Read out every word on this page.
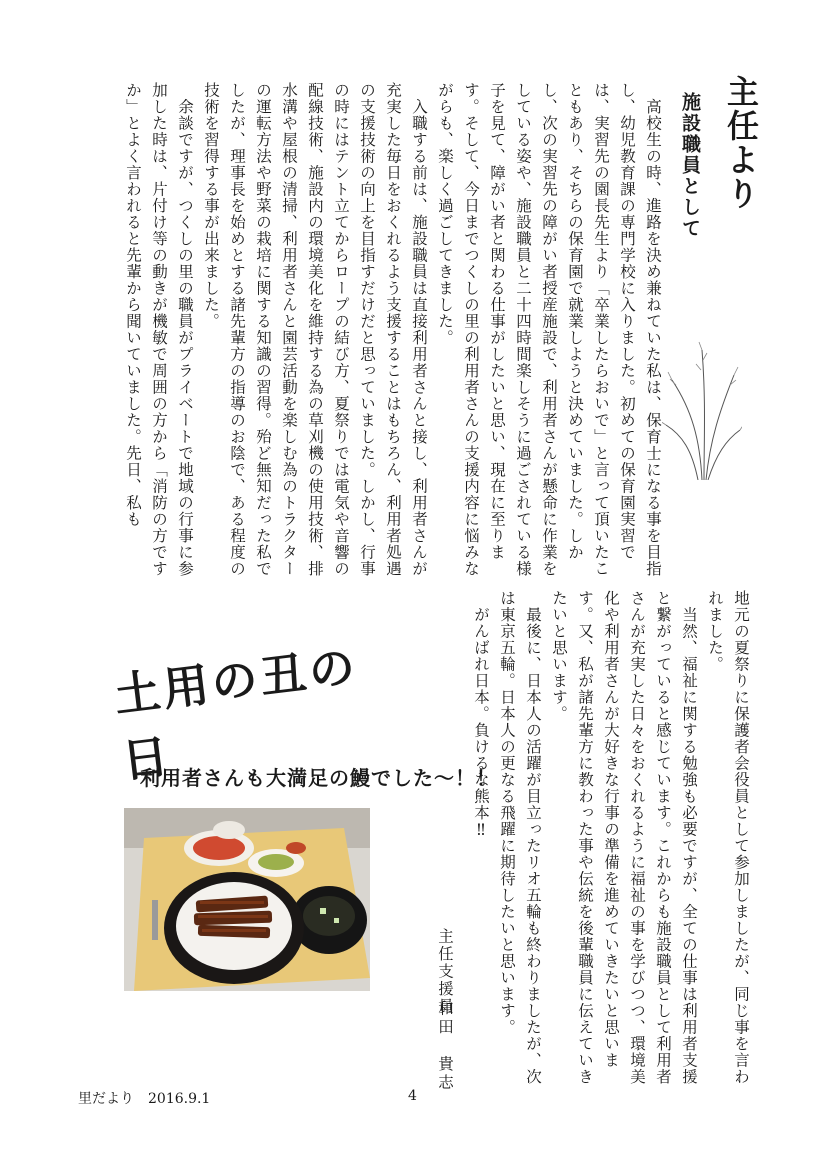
主任より
施設職員として
　高校生の時、進路を決め兼ねていた私は、保育士になる事を目指し、幼児教育課の専門学校に入りました。初めての保育園実習では、実習先の園長先生より「卒業したらおいで」と言って頂いたこともあり、そちらの保育園で就業しようと決めていました。しかし、次の実習先の障がい者授産施設で、利用者さんが懸命に作業をしている姿や、施設職員と二十四時間楽しそうに過ごされている様子を見て、障がい者と関わる仕事がしたいと思い、現在に至ります。そして、今日までつくしの里の利用者さんの支援内容に悩みながらも、楽しく過ごしてきました。
　入職する前は、施設職員は直接利用者さんと接し、利用者さんが充実した毎日をおくれるよう支援することはもちろん、利用者処遇の支援技術の向上を目指すだけだと思っていました。しかし、行事の時にはテント立てからロープの結び方、夏祭りでは電気や音響の配線技術、施設内の環境美化を維持する為の草刈機の使用技術、排水溝や屋根の清掃、利用者さんと園芸活動を楽しむ為のトラクターの運転方法や野菜の栽培に関する知識の習得。殆ど無知だった私でしたが、理事長を始めとする諸先輩方の指導のお陰で、ある程度の技術を習得する事が出来ました。
　余談ですが、つくしの里の職員がプライベートで地域の行事に参加した時は、片付け等の動きが機敏で周囲の方から「消防の方ですか」とよく言われると先輩から聞いていました。先日、私も
地元の夏祭りに保護者会役員として参加しましたが、同じ事を言われました。
　当然、福祉に関する勉強も必要ですが、全ての仕事は利用者支援と繋がっていると感じています。これからも施設職員として利用者さんが充実した日々をおくれるように福祉の事を学びつつ、環境美化や利用者さんが大好きな行事の準備を進めていきたいと思います。又、私が諸先輩方に教わった事や伝統を後輩職員に伝えていきたいと思います。
　最後に、日本人の活躍が目立ったリオ五輪も終わりましたが、次は東京五輪。日本人の更なる飛躍に期待したいと思います。
　がんばれ日本。負けるな熊本‼
主任支援員
和田　貴志
土用の丑の日
利用者さんも大満足の鰻でした～！！
里だより　2016.9.1	4
